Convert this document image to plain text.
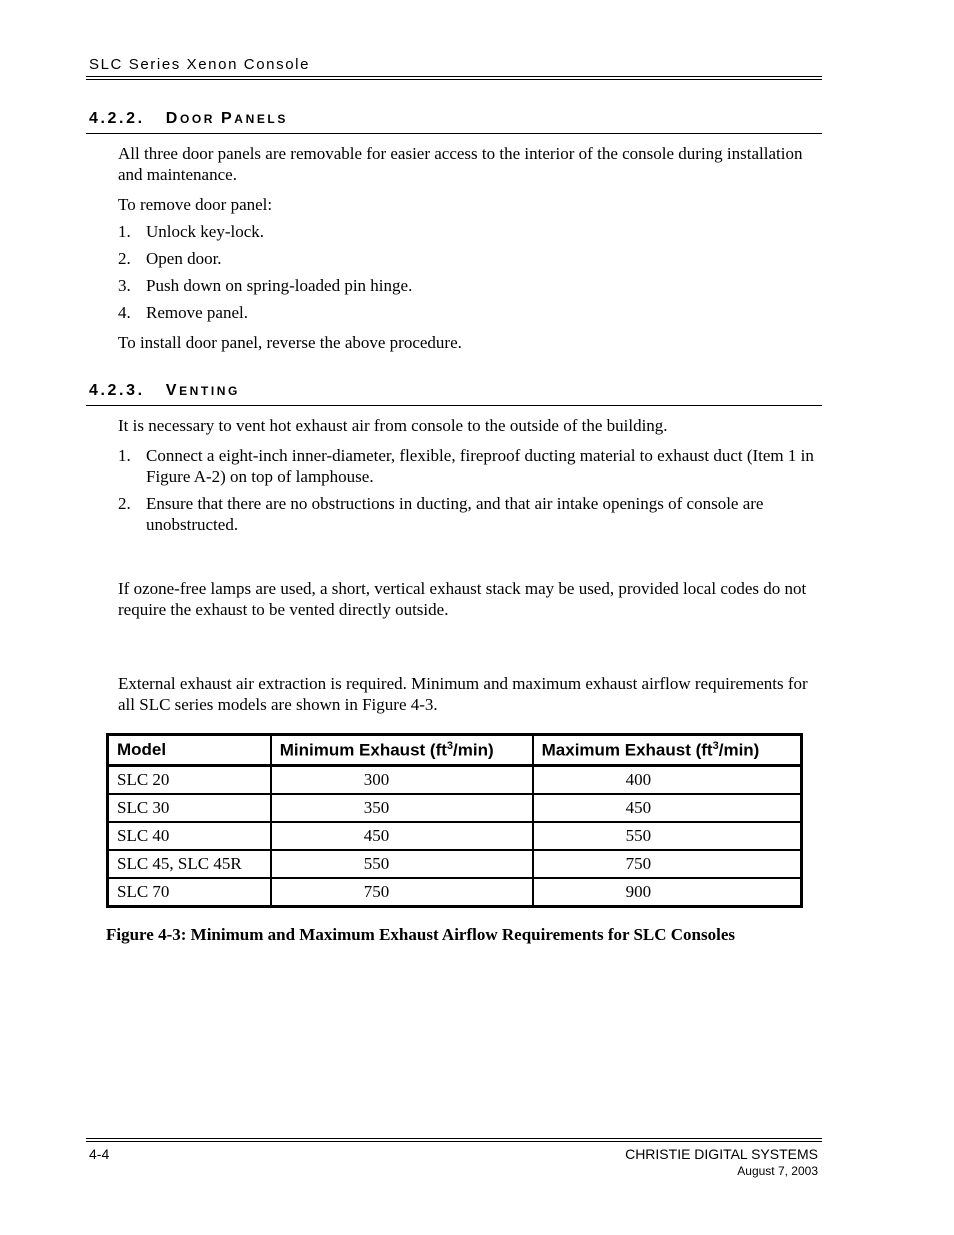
SLC Series Xenon Console
4.2.2. DOOR PANELS

All three door panels are removable for easier access to the interior of the console during installation and maintenance.

To remove door panel:

1. Unlock key-lock.
2. Open door.
3. Push down on spring-loaded pin hinge.
4. Remove panel.

To install door panel, reverse the above procedure.

4.2.3. VENTING

It is necessary to vent hot exhaust air from console to the outside of the building.

1. Connect a eight-inch inner-diameter, flexible, fireproof ducting material to exhaust duct (Item 1 in Figure A-2) on top of lamphouse.
2. Ensure that there are no obstructions in ducting, and that air intake openings of console are unobstructed.

If ozone-free lamps are used, a short, vertical exhaust stack may be used, provided local codes do not require the exhaust to be vented directly outside.

External exhaust air extraction is required. Minimum and maximum exhaust airflow requirements for all SLC series models are shown in Figure 4-3.

Model	Minimum Exhaust $(ft^3/\min)$	Maximum Exhaust $(ft^3/\min)$
SLC 20	300	400
SLC 30	350	450
SLC 40	450	550
SLC 45, SLC 45R	550	750
SLC 70	750	900
Figure 4-3: Minimum and Maximum Exhaust Airflow Requirements for SLC Consoles
4-4	CHRISTIE DIGITAL SYSTEMS
August 7, 2003
